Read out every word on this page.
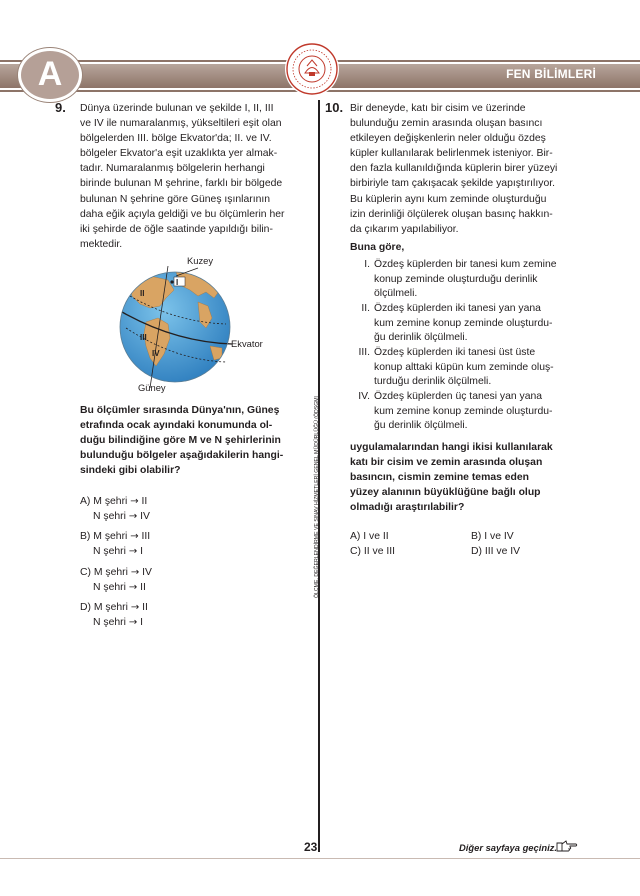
A	FEN BİLİMLERİ
ÖLÇME, DEĞERLENDİRME VE SINAV HİZMETLERİ GENEL MÜDÜRLÜĞÜ (ÖDSGM)
9. Dünya üzerinde bulunan ve şekilde I, II, III
ve IV ile numaralanmış, yükseltileri eşit olan
bölgelerden III. bölge Ekvator'da; II. ve IV.
bölgeler Ekvator'a eşit uzaklıkta yer almak-
tadır. Numaralanmış bölgelerin herhangi
birinde bulunan M şehrine, farklı bir bölgede
bulunan N şehrine göre Güneş ışınlarının
daha eğik açıyla geldiği ve bu ölçümlerin her
iki şehirde de öğle saatinde yapıldığı bilin-
mektedir.
I
II
III
IV
Kuzey
Ekvator
Güney
Bu ölçümler sırasında Dünya'nın, Güneş
etrafında ocak ayındaki konumunda ol-
duğu bilindiğine göre M ve N şehirlerinin
bulunduğu bölgeler aşağıdakilerin hangi-
sindeki gibi olabilir?
A) M şehri → II
N şehri → IV
B) M şehri → III
N şehri → I
C) M şehri → IV
N şehri → II
D) M şehri → II
N şehri → I
10. Bir deneyde, katı bir cisim ve üzerinde
bulunduğu zemin arasında oluşan basıncı
etkileyen değişkenlerin neler olduğu özdeş
küpler kullanılarak belirlenmek isteniyor. Bir-
den fazla kullanıldığında küplerin birer yüzeyi
birbiriyle tam çakışacak şekilde yapıştırılıyor.
Bu küplerin aynı kum zeminde oluşturduğu
izin derinliği ölçülerek oluşan basınç hakkın-
da çıkarım yapılabiliyor.
Buna göre,
I. Özdeş küplerden bir tanesi kum zemine
konup zeminde oluşturduğu derinlik
ölçülmeli.
II. Özdeş küplerden iki tanesi yan yana
kum zemine konup zeminde oluşturdu-
ğu derinlik ölçülmeli.
III. Özdeş küplerden iki tanesi üst üste
konup alttaki küpün kum zeminde oluş-
turduğu derinlik ölçülmeli.
IV. Özdeş küplerden üç tanesi yan yana
kum zemine konup zeminde oluşturdu-
ğu derinlik ölçülmeli.
uygulamalarından hangi ikisi kullanılarak
katı bir cisim ve zemin arasında oluşan
basıncın, cismin zemine temas eden
yüzey alanının büyüklüğüne bağlı olup
olmadığı araştırılabilir?
A) I ve II	B) I ve IV
C) II ve III	D) III ve IV
23	Diğer sayfaya geçiniz.
